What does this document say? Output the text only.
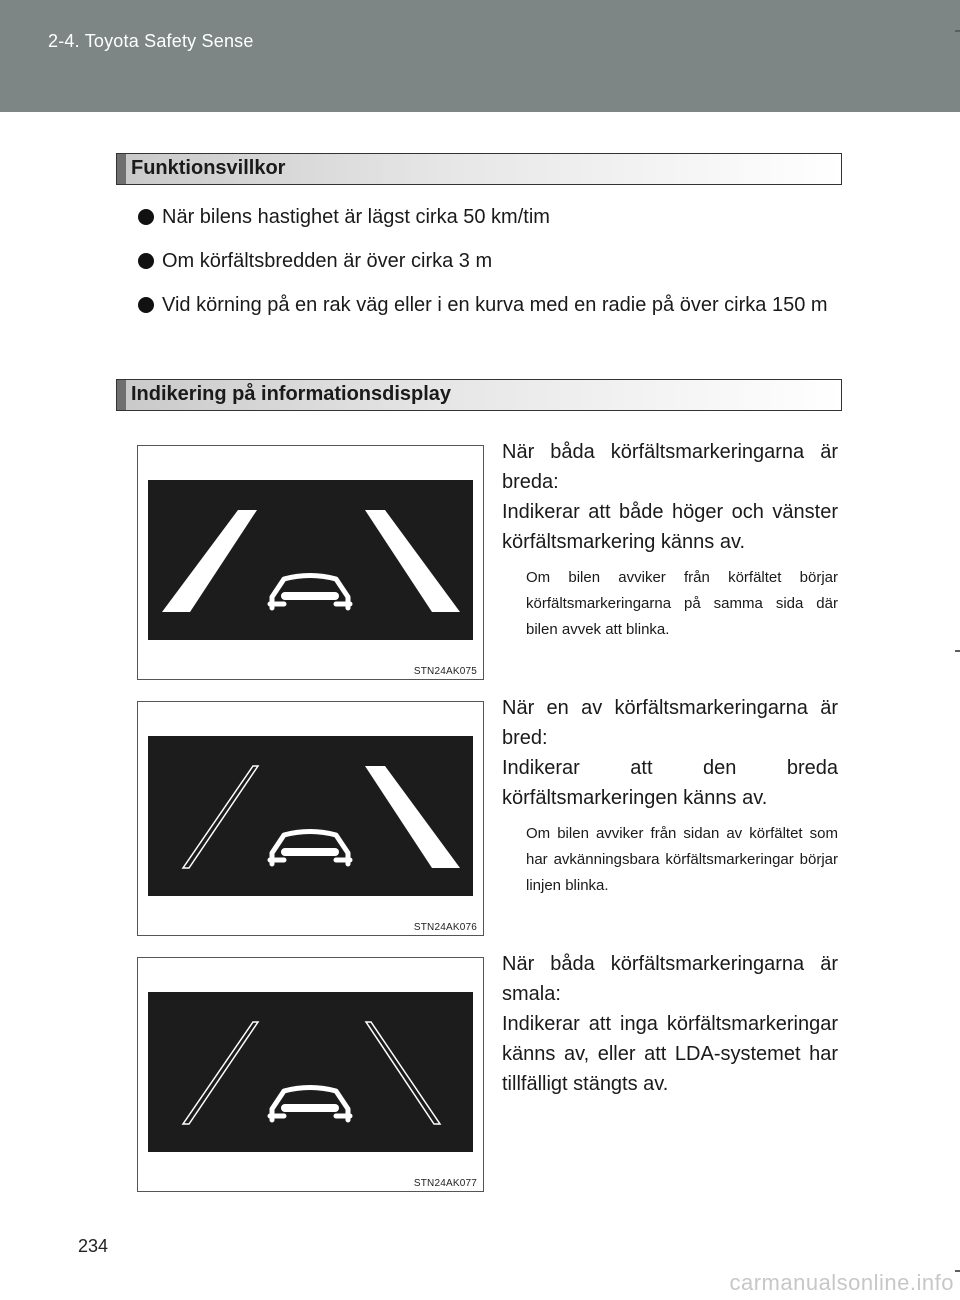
2-4. Toyota Safety Sense
Funktionsvillkor
När bilens hastighet är lägst cirka 50 km/tim
Om körfältsbredden är över cirka 3 m
Vid körning på en rak väg eller i en kurva med en radie på över cirka 150 m
Indikering på informationsdisplay
STN24AK075

När båda körfältsmarkeringarna är breda:

Indikerar att både höger och vänster körfältsmarkering känns av.

Om bilen avviker från körfältet börjar körfältsmarkeringarna på samma sida där bilen avvek att blinka.

STN24AK076

När en av körfältsmarkeringarna är bred:

Indikerar att den breda körfältsmarkeringen känns av.

Om bilen avviker från sidan av körfältet som har avkänningsbara körfältsmarkeringar börjar linjen blinka.

STN24AK077

När båda körfältsmarkeringarna är smala:

Indikerar att inga körfältsmarkeringar känns av, eller att LDA-systemet har tillfälligt stängts av.

234
carmanualsonline.info
